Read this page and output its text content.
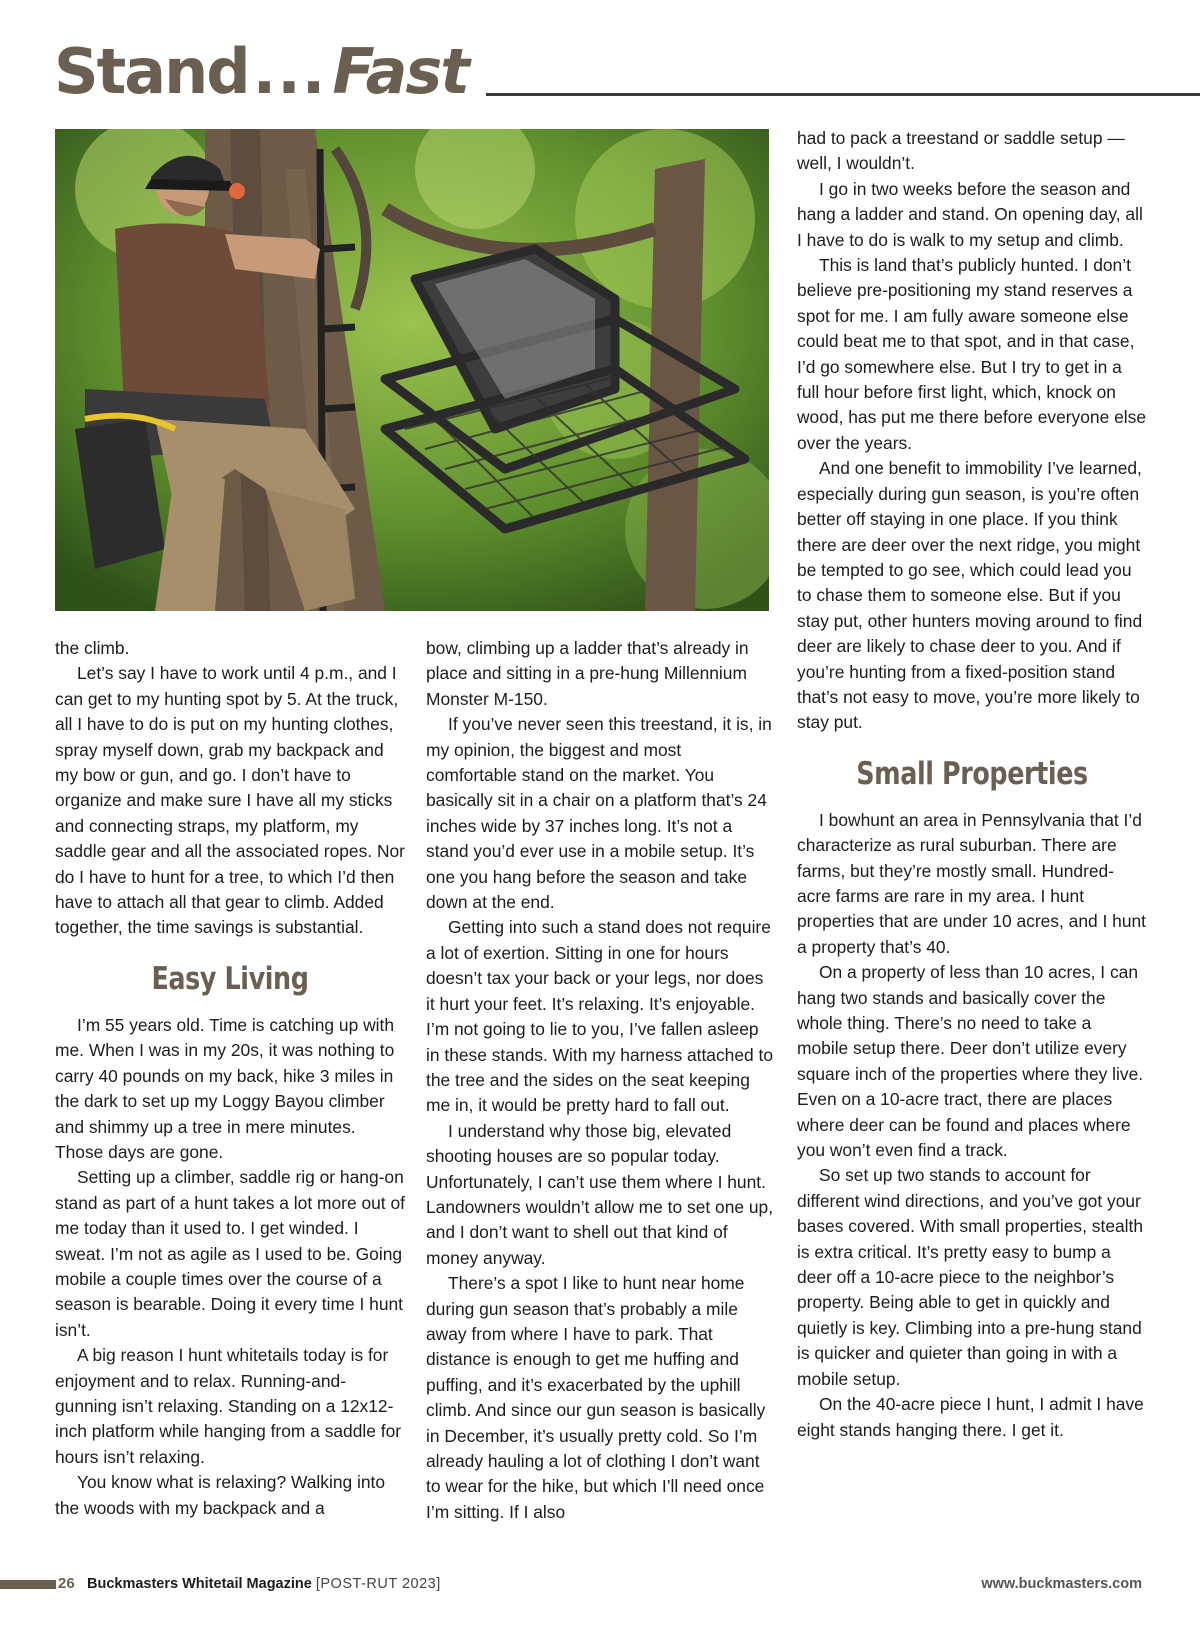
Stand...Fast

the climb.

Let’s say I have to work until 4 p.m., and I can get to my hunting spot by 5. At the truck, all I have to do is put on my hunting clothes, spray myself down, grab my backpack and my bow or gun, and go. I don’t have to organize and make sure I have all my sticks and connecting straps, my platform, my saddle gear and all the associated ropes. Nor do I have to hunt for a tree, to which I’d then have to attach all that gear to climb. Added together, the time savings is substantial.

Easy Living

I’m 55 years old. Time is catching up with me. When I was in my 20s, it was nothing to carry 40 pounds on my back, hike 3 miles in the dark to set up my Loggy Bayou climber and shimmy up a tree in mere minutes. Those days are gone.

Setting up a climber, saddle rig or hang-on stand as part of a hunt takes a lot more out of me today than it used to. I get winded. I sweat. I’m not as agile as I used to be. Going mobile a couple times over the course of a season is bearable. Doing it every time I hunt isn’t.

A big reason I hunt whitetails today is for enjoyment and to relax. Running-and-gunning isn’t relaxing. Standing on a 12x12-inch platform while hanging from a saddle for hours isn’t relaxing.

You know what is relaxing? Walking into the woods with my backpack and a

bow, climbing up a ladder that’s already in place and sitting in a pre-hung Millennium Monster M-150.

If you’ve never seen this treestand, it is, in my opinion, the biggest and most comfortable stand on the market. You basically sit in a chair on a platform that’s 24 inches wide by 37 inches long. It’s not a stand you’d ever use in a mobile setup. It’s one you hang before the season and take down at the end.

Getting into such a stand does not require a lot of exertion. Sitting in one for hours doesn’t tax your back or your legs, nor does it hurt your feet. It’s relaxing. It’s enjoyable. I’m not going to lie to you, I’ve fallen asleep in these stands. With my harness attached to the tree and the sides on the seat keeping me in, it would be pretty hard to fall out.

I understand why those big, elevated shooting houses are so popular today. Unfortunately, I can’t use them where I hunt. Landowners wouldn’t allow me to set one up, and I don’t want to shell out that kind of money anyway.

There’s a spot I like to hunt near home during gun season that’s probably a mile away from where I have to park. That distance is enough to get me huffing and puffing, and it’s exacerbated by the uphill climb. And since our gun season is basically in December, it’s usually pretty cold. So I’m already hauling a lot of clothing I don’t want to wear for the hike, but which I’ll need once I’m sitting. If I also

had to pack a treestand or saddle setup — well, I wouldn’t.

I go in two weeks before the season and hang a ladder and stand. On opening day, all I have to do is walk to my setup and climb.

This is land that’s publicly hunted. I don’t believe pre-positioning my stand reserves a spot for me. I am fully aware someone else could beat me to that spot, and in that case, I’d go somewhere else. But I try to get in a full hour before first light, which, knock on wood, has put me there before everyone else over the years.

And one benefit to immobility I’ve learned, especially during gun season, is you’re often better off staying in one place. If you think there are deer over the next ridge, you might be tempted to go see, which could lead you to chase them to someone else. But if you stay put, other hunters moving around to find deer are likely to chase deer to you. And if you’re hunting from a fixed-position stand that’s not easy to move, you’re more likely to stay put.

Small Properties

I bowhunt an area in Pennsylvania that I’d characterize as rural suburban. There are farms, but they’re mostly small. Hundred-acre farms are rare in my area. I hunt properties that are under 10 acres, and I hunt a property that’s 40.

On a property of less than 10 acres, I can hang two stands and basically cover the whole thing. There’s no need to take a mobile setup there. Deer don’t utilize every square inch of the properties where they live. Even on a 10-acre tract, there are places where deer can be found and places where you won’t even find a track.

So set up two stands to account for different wind directions, and you’ve got your bases covered. With small properties, stealth is extra critical. It’s pretty easy to bump a deer off a 10-acre piece to the neighbor’s property. Being able to get in quickly and quietly is key. Climbing into a pre-hung stand is quicker and quieter than going in with a mobile setup.

On the 40-acre piece I hunt, I admit I have eight stands hanging there. I get it.

26 Buckmasters Whitetail Magazine [POST-RUT 2023]	www.buckmasters.com
